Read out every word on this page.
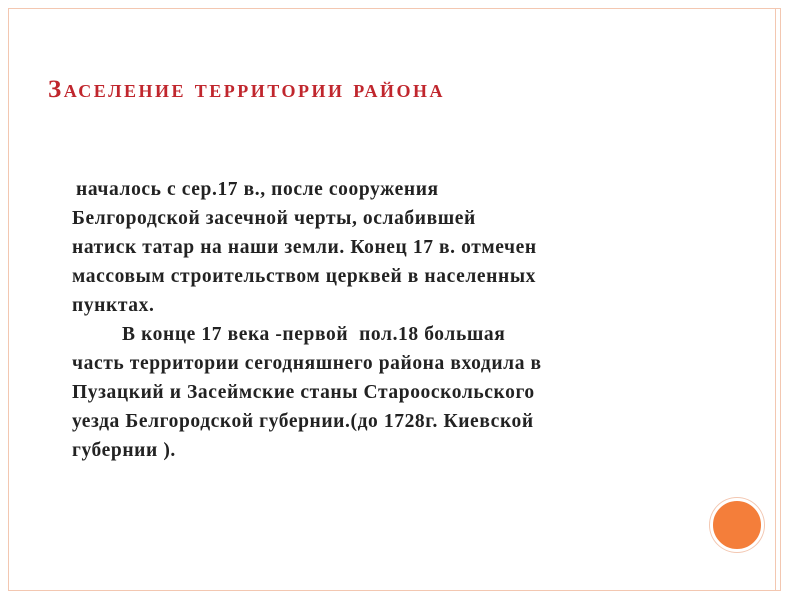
Заселение территории района

началось с сер.17 в., после сооружения
Белгородской засечной черты, ослабившей
натиск татар на наши земли. Конец 17 в. отмечен
массовым строительством церквей в населенных
пунктах.

В конце 17 века -первой  пол.18 большая
часть территории сегодняшнего района входила в
Пузацкий и Засеймские станы Старооскольского
уезда Белгородской губернии.(до 1728г. Киевской
губернии ).
